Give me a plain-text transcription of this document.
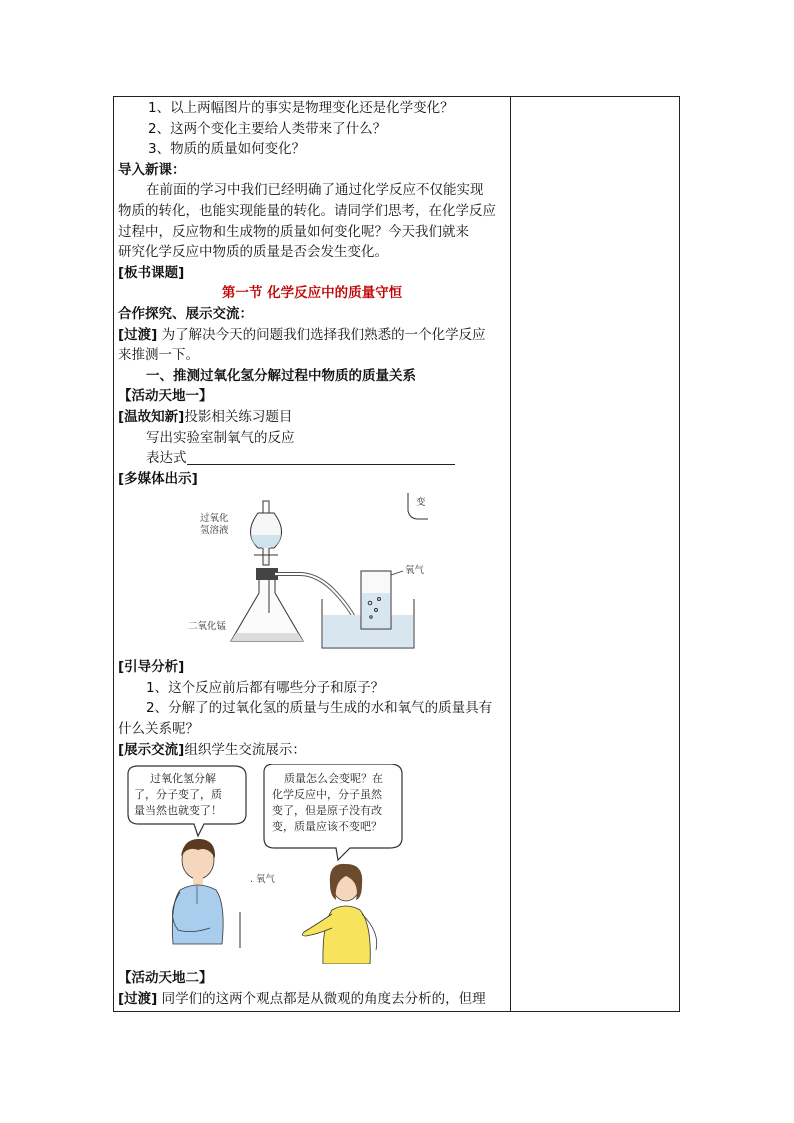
1、以上两幅图片的事实是物理变化还是化学变化？
2、这两个变化主要给人类带来了什么？
3、物质的质量如何变化？
导入新课：
在前面的学习中我们已经明确了通过化学反应不仅能实现
物质的转化，也能实现能量的转化。请同学们思考，在化学反应
过程中，反应物和生成物的质量如何变化呢？今天我们就来
研究化学反应中物质的质量是否会发生变化。
[板书课题]
第一节 化学反应中的质量守恒
合作探究、展示交流：
[过渡] 为了解决今天的问题我们选择我们熟悉的一个化学反应
来推测一下。
一、推测过氧化氢分解过程中物质的质量关系
【活动天地一】
[温故知新]投影相关练习题目
写出实验室制氧气的反应
表达式
[多媒体出示]
过氧化
氢溶液
二氧化锰
氧气
变
[引导分析]
1、这个反应前后都有哪些分子和原子？
2、分解了的过氧化氢的质量与生成的水和氧气的质量具有
什么关系呢？
[展示交流]组织学生交流展示：
过氧化氢分解
了，分子变了，质
量当然也就变了！
质量怎么会变呢？在
化学反应中，分子虽然
变了，但是原子没有改
变，质量应该不变吧？
. 氧气
【活动天地二】
[过渡] 同学们的这两个观点都是从微观的角度去分析的，但理
